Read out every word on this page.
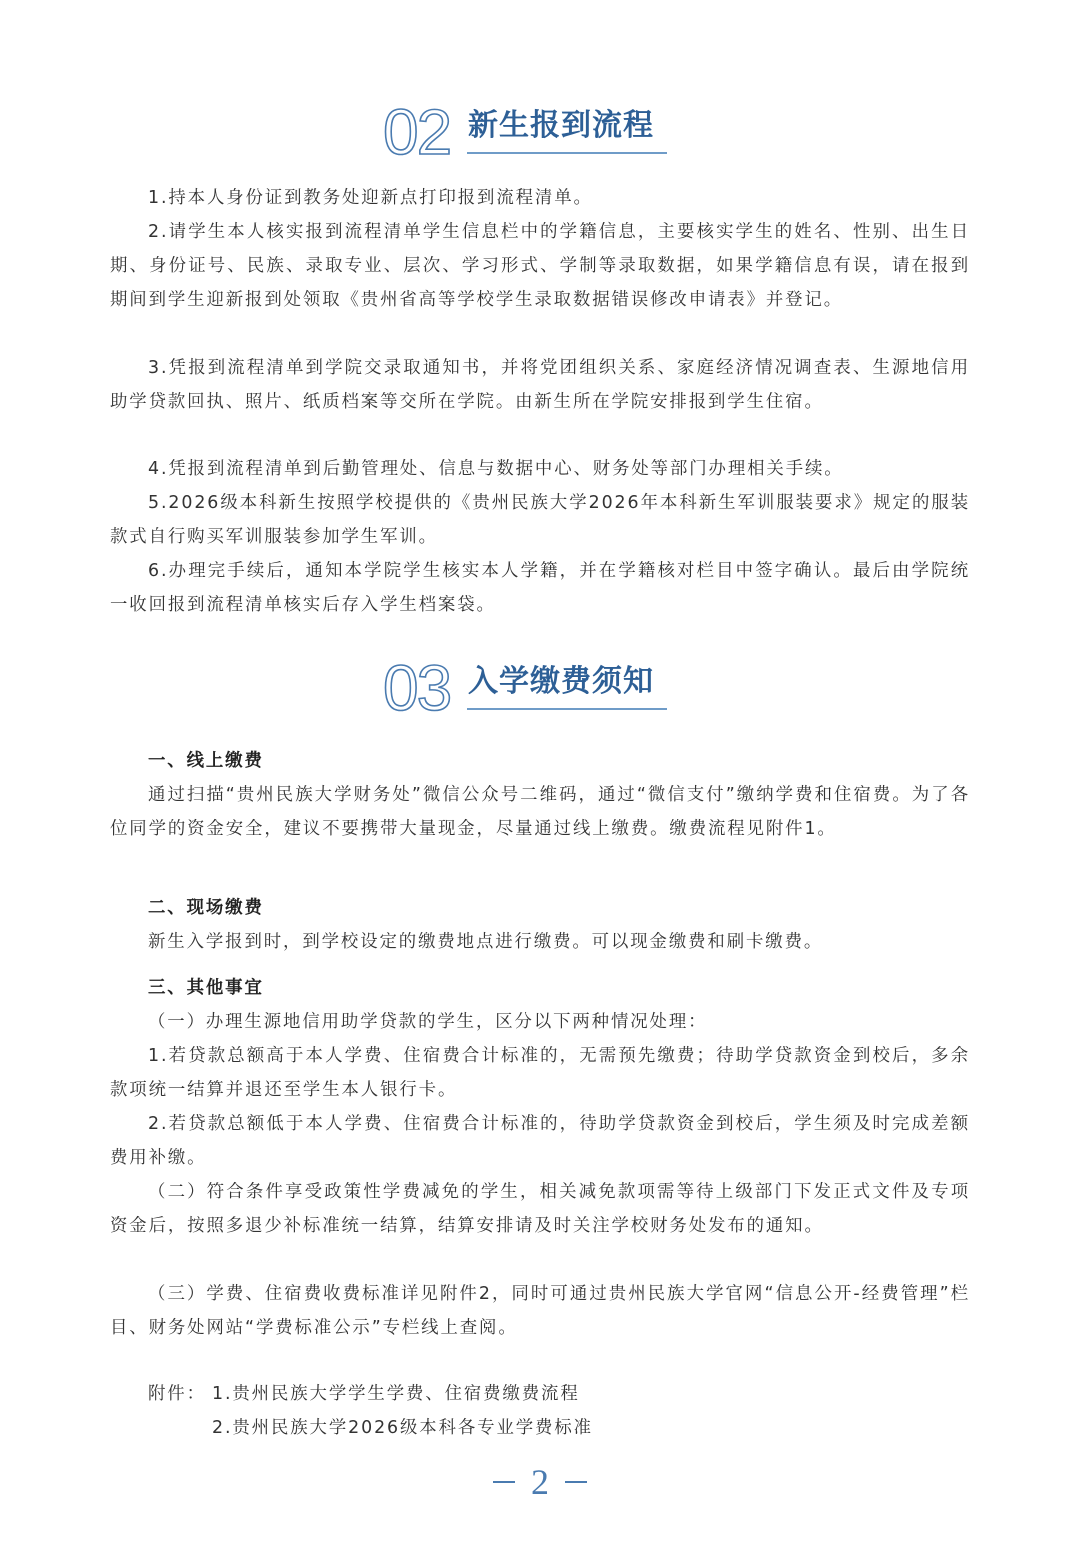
02 新生报到流程

1.持本人身份证到教务处迎新点打印报到流程清单。

2.请学生本人核实报到流程清单学生信息栏中的学籍信息，主要核实学生的姓名、性别、出生日期、身份证号、民族、录取专业、层次、学习形式、学制等录取数据，如果学籍信息有误，请在报到期间到学生迎新报到处领取《贵州省高等学校学生录取数据错误修改申请表》并登记。

3.凭报到流程清单到学院交录取通知书，并将党团组织关系、家庭经济情况调查表、生源地信用助学贷款回执、照片、纸质档案等交所在学院。由新生所在学院安排报到学生住宿。

4.凭报到流程清单到后勤管理处、信息与数据中心、财务处等部门办理相关手续。

5.2026级本科新生按照学校提供的《贵州民族大学2026年本科新生军训服装要求》规定的服装款式自行购买军训服装参加学生军训。

6.办理完手续后，通知本学院学生核实本人学籍，并在学籍核对栏目中签字确认。最后由学院统一收回报到流程清单核实后存入学生档案袋。

03 入学缴费须知

一、线上缴费

通过扫描“贵州民族大学财务处”微信公众号二维码，通过“微信支付”缴纳学费和住宿费。为了各位同学的资金安全，建议不要携带大量现金，尽量通过线上缴费。缴费流程见附件1。

二、现场缴费

新生入学报到时，到学校设定的缴费地点进行缴费。可以现金缴费和刷卡缴费。

三、其他事宜

（一）办理生源地信用助学贷款的学生，区分以下两种情况处理：

1.若贷款总额高于本人学费、住宿费合计标准的，无需预先缴费；待助学贷款资金到校后，多余款项统一结算并退还至学生本人银行卡。

2.若贷款总额低于本人学费、住宿费合计标准的，待助学贷款资金到校后，学生须及时完成差额费用补缴。

（二）符合条件享受政策性学费减免的学生，相关减免款项需等待上级部门下发正式文件及专项资金后，按照多退少补标准统一结算，结算安排请及时关注学校财务处发布的通知。

（三）学费、住宿费收费标准详见附件2，同时可通过贵州民族大学官网“信息公开-经费管理”栏目、财务处网站“学费标准公示”专栏线上查阅。

附件： 1.贵州民族大学学生学费、住宿费缴费流程
2.贵州民族大学2026级本科各专业学费标准
2
